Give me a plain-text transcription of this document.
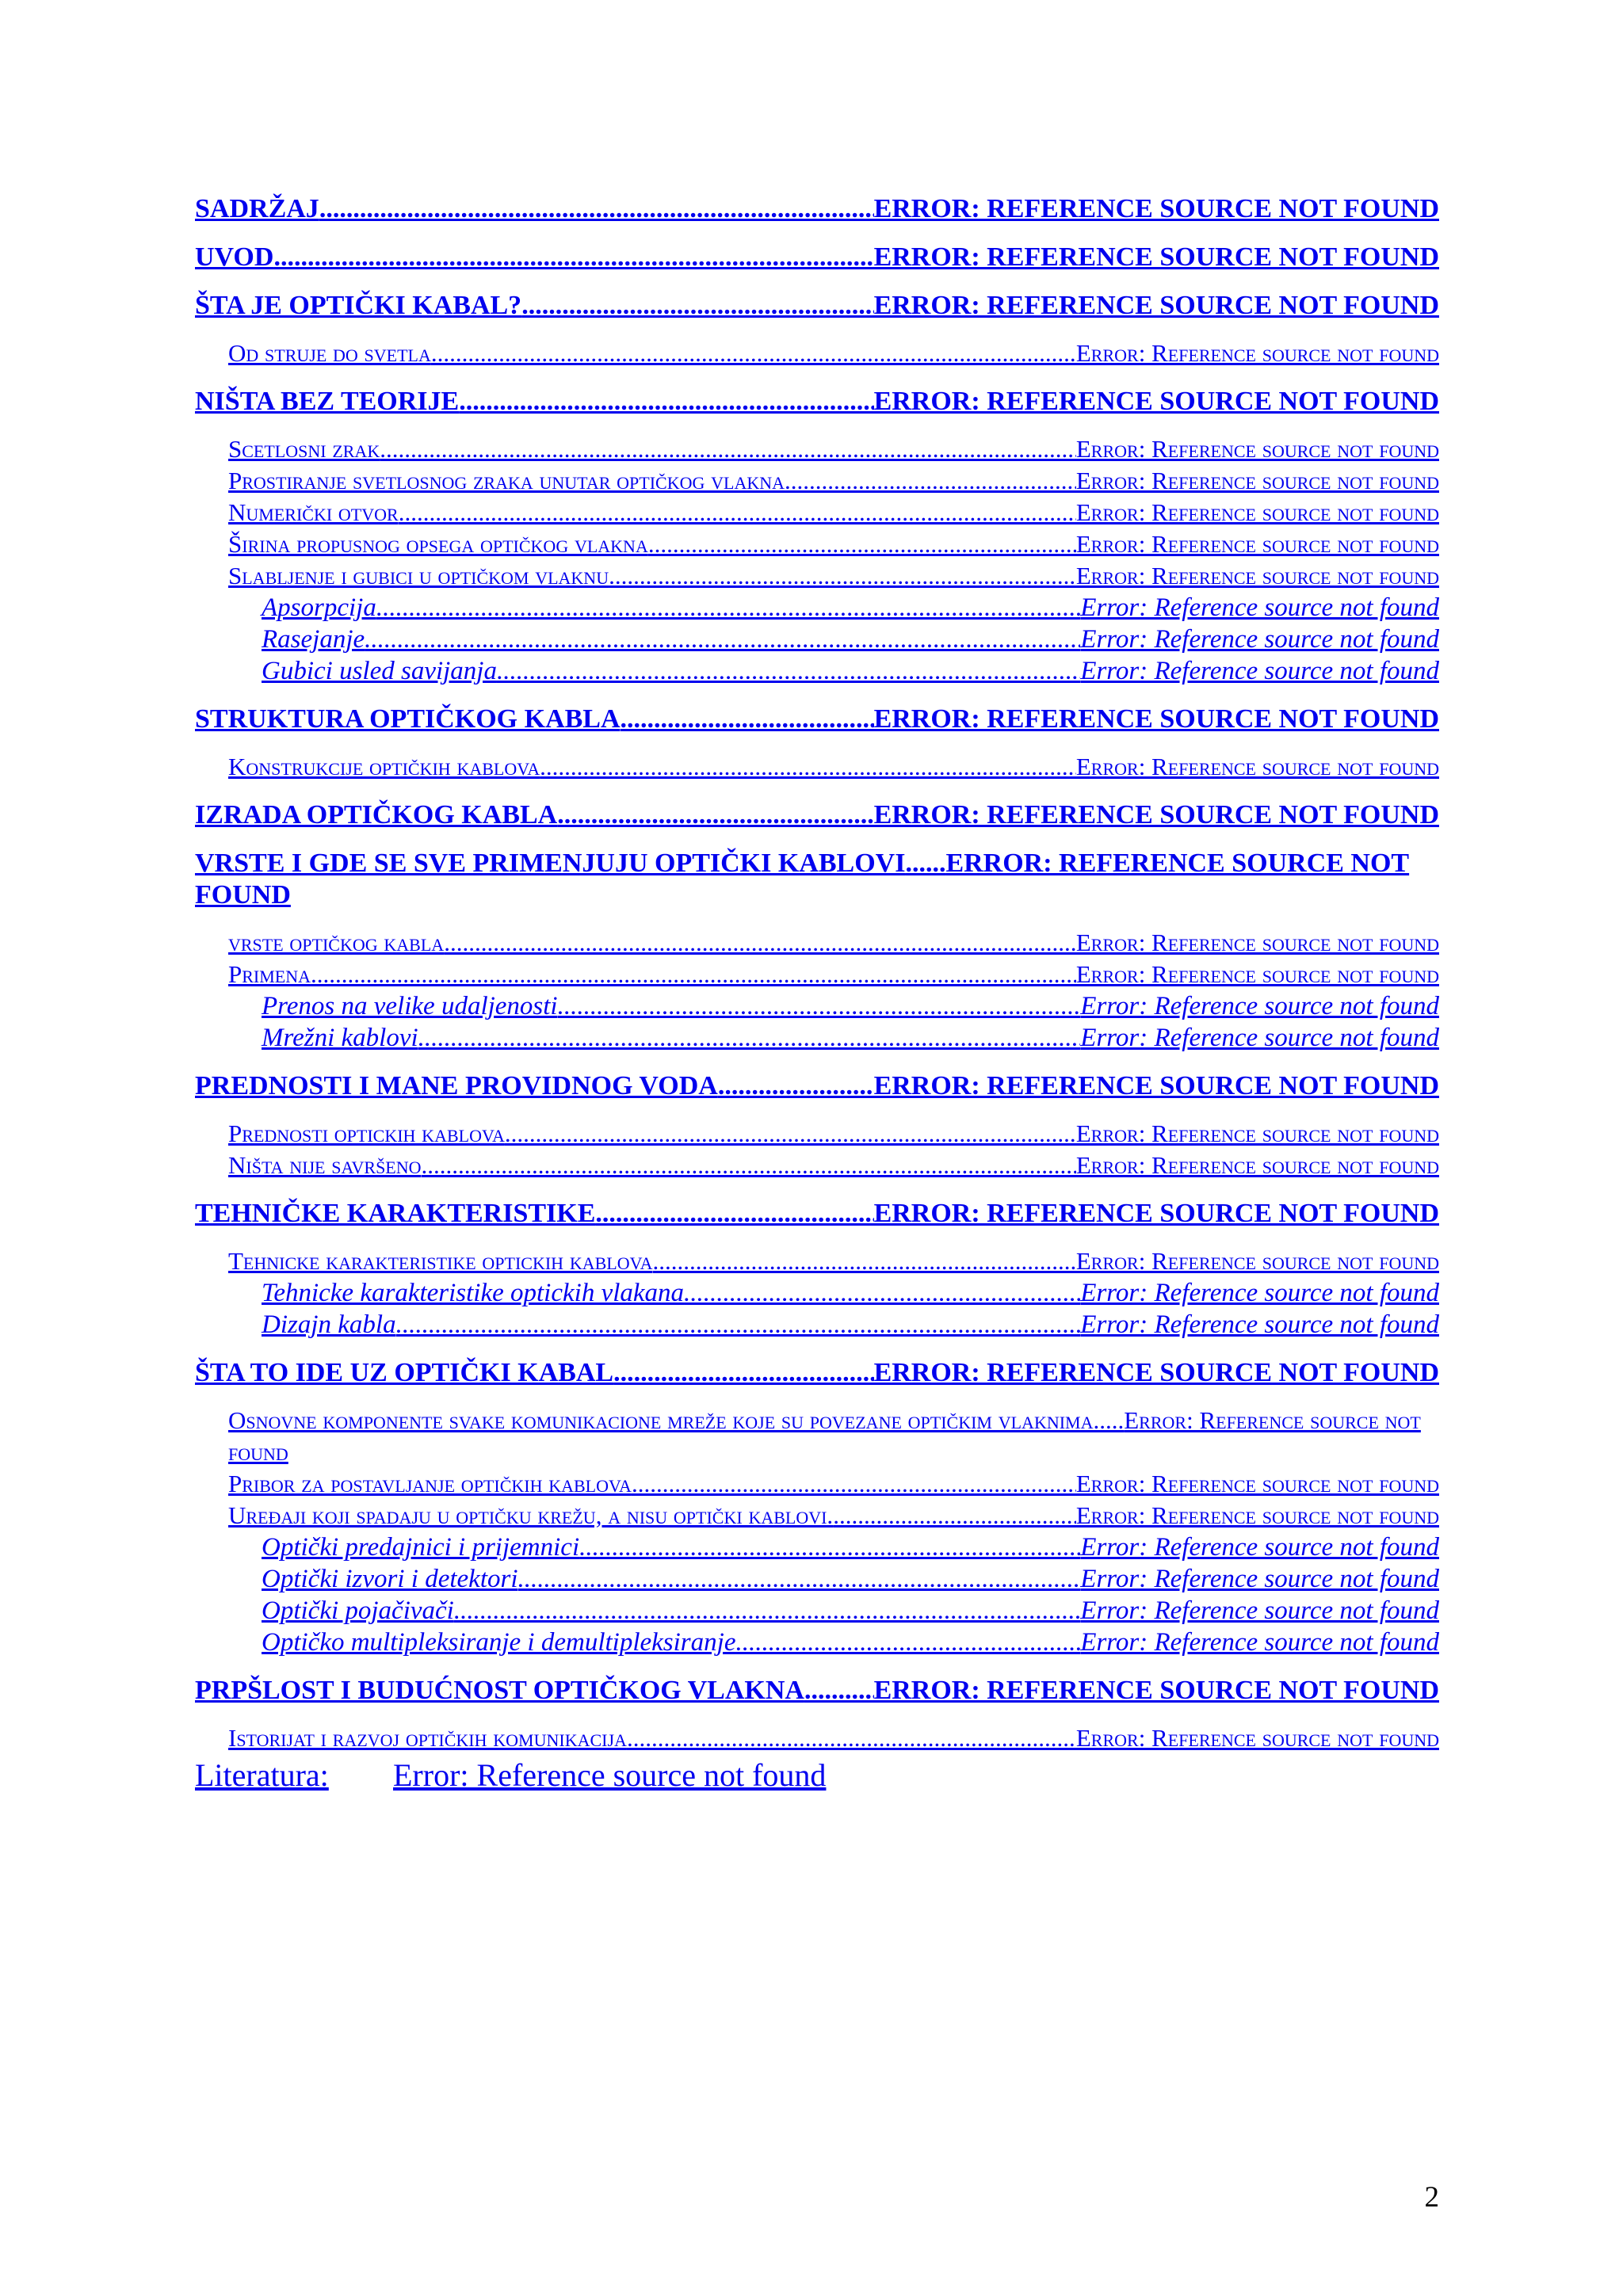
SADRŽAJ .....	ERROR: REFERENCE SOURCE NOT FOUND
UVOD .....	ERROR: REFERENCE SOURCE NOT FOUND
ŠTA JE OPTIČKI KABAL? .....	ERROR: REFERENCE SOURCE NOT FOUND
Od struje do svetla .....	Error: Reference source not found
NIŠTA BEZ TEORIJE .....	ERROR: REFERENCE SOURCE NOT FOUND
Scetlosni zrak .....	Error: Reference source not found
Prostiranje svetlosnog zraka unutar optičkog vlakna .....	Error: Reference source not found
Numerički otvor .....	Error: Reference source not found
Širina propusnog opsega optičkog vlakna .....	Error: Reference source not found
Slabljenje i gubici u optičkom vlaknu .....	Error: Reference source not found
Apsorpcija .....	Error: Reference source not found
Rasejanje .....	Error: Reference source not found
Gubici usled savijanja .....	Error: Reference source not found
STRUKTURA OPTIČKOG KABLA .....	ERROR: REFERENCE SOURCE NOT FOUND
Konstrukcije optičkih kablova .....	Error: Reference source not found
IZRADA OPTIČKOG KABLA .....	ERROR: REFERENCE SOURCE NOT FOUND
VRSTE I GDE SE SVE PRIMENJUJU OPTIČKI KABLOVI......ERROR: REFERENCE SOURCE NOT FOUND
vrste optičkog kabla .....	Error: Reference source not found
Primena .....	Error: Reference source not found
Prenos na velike udaljenosti .....	Error: Reference source not found
Mrežni kablovi .....	Error: Reference source not found
PREDNOSTI I MANE PROVIDNOG VODA .....	ERROR: REFERENCE SOURCE NOT FOUND
Prednosti optickih kablova .....	Error: Reference source not found
Ništa nije savršeno .....	Error: Reference source not found
TEHNIČKE KARAKTERISTIKE .....	ERROR: REFERENCE SOURCE NOT FOUND
Tehnicke karakteristike optickih kablova .....	Error: Reference source not found
Tehnicke karakteristike optickih vlakana .....	Error: Reference source not found
Dizajn kabla .....	Error: Reference source not found
ŠTA TO IDE UZ OPTIČKI KABAL .....	ERROR: REFERENCE SOURCE NOT FOUND
Osnovne komponente svake komunikacione mreže koje su povezane optičkim vlaknima.....Error: Reference source not found
Pribor za postavljanje optičkih kablova .....	Error: Reference source not found
Uređaji koji spadaju u optičku krežu, a nisu optički kablovi. .....	Error: Reference source not found
Optički predajnici i prijemnici .....	Error: Reference source not found
Optički izvori i detektori .....	Error: Reference source not found
Optički pojačivači .....	Error: Reference source not found
Optičko multipleksiranje i demultipleksiranje .....	Error: Reference source not found
PRPŠLOST I BUDUĆNOST OPTIČKOG VLAKNA .....	ERROR: REFERENCE SOURCE NOT FOUND
Istorijat i razvoj optičkih komunikacija .....	Error: Reference source not found
Literatura:	Error: Reference source not found
2
